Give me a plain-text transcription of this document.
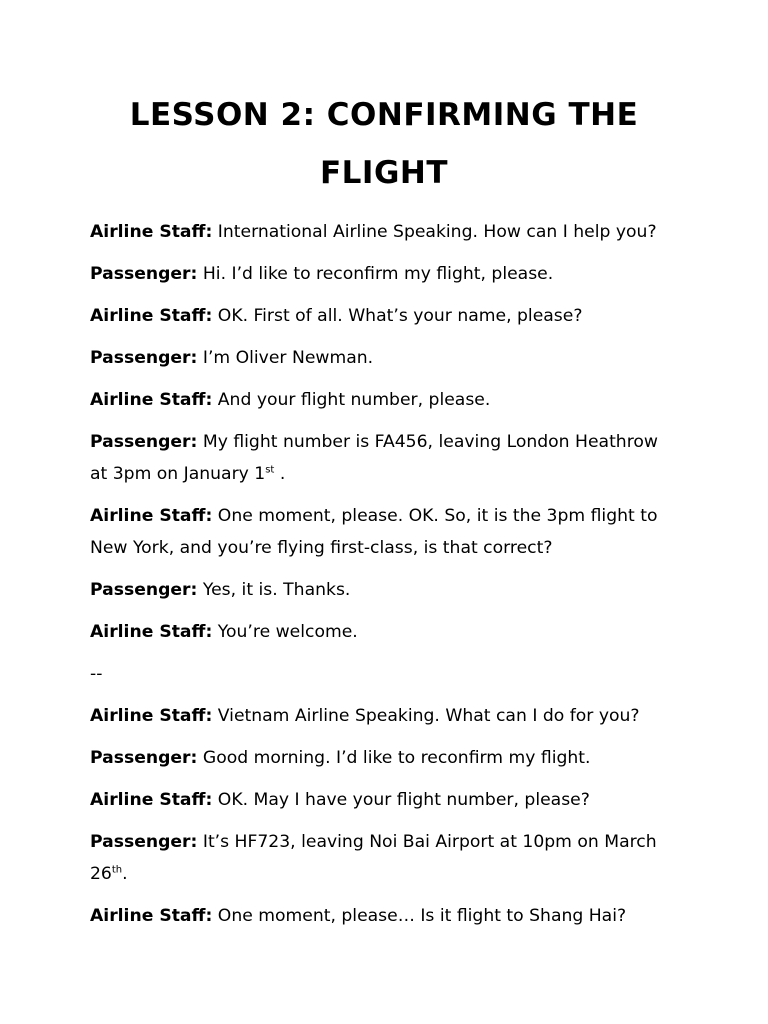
LESSON 2: CONFIRMING THE FLIGHT

Airline Staff: International Airline Speaking. How can I help you?

Passenger: Hi. I’d like to reconfirm my flight, please.

Airline Staff: OK. First of all. What’s your name, please?

Passenger: I’m Oliver Newman.

Airline Staff: And your flight number, please.

Passenger: My flight number is FA456, leaving London Heathrow at 3pm on January 1st .

Airline Staff: One moment, please. OK. So, it is the 3pm flight to New York, and you’re flying first-class, is that correct?

Passenger: Yes, it is. Thanks.

Airline Staff: You’re welcome.

--

Airline Staff: Vietnam Airline Speaking. What can I do for you?

Passenger: Good morning. I’d like to reconfirm my flight.

Airline Staff: OK. May I have your flight number, please?

Passenger: It’s HF723, leaving Noi Bai Airport at 10pm on March 26th.

Airline Staff: One moment, please… Is it flight to Shang Hai?
